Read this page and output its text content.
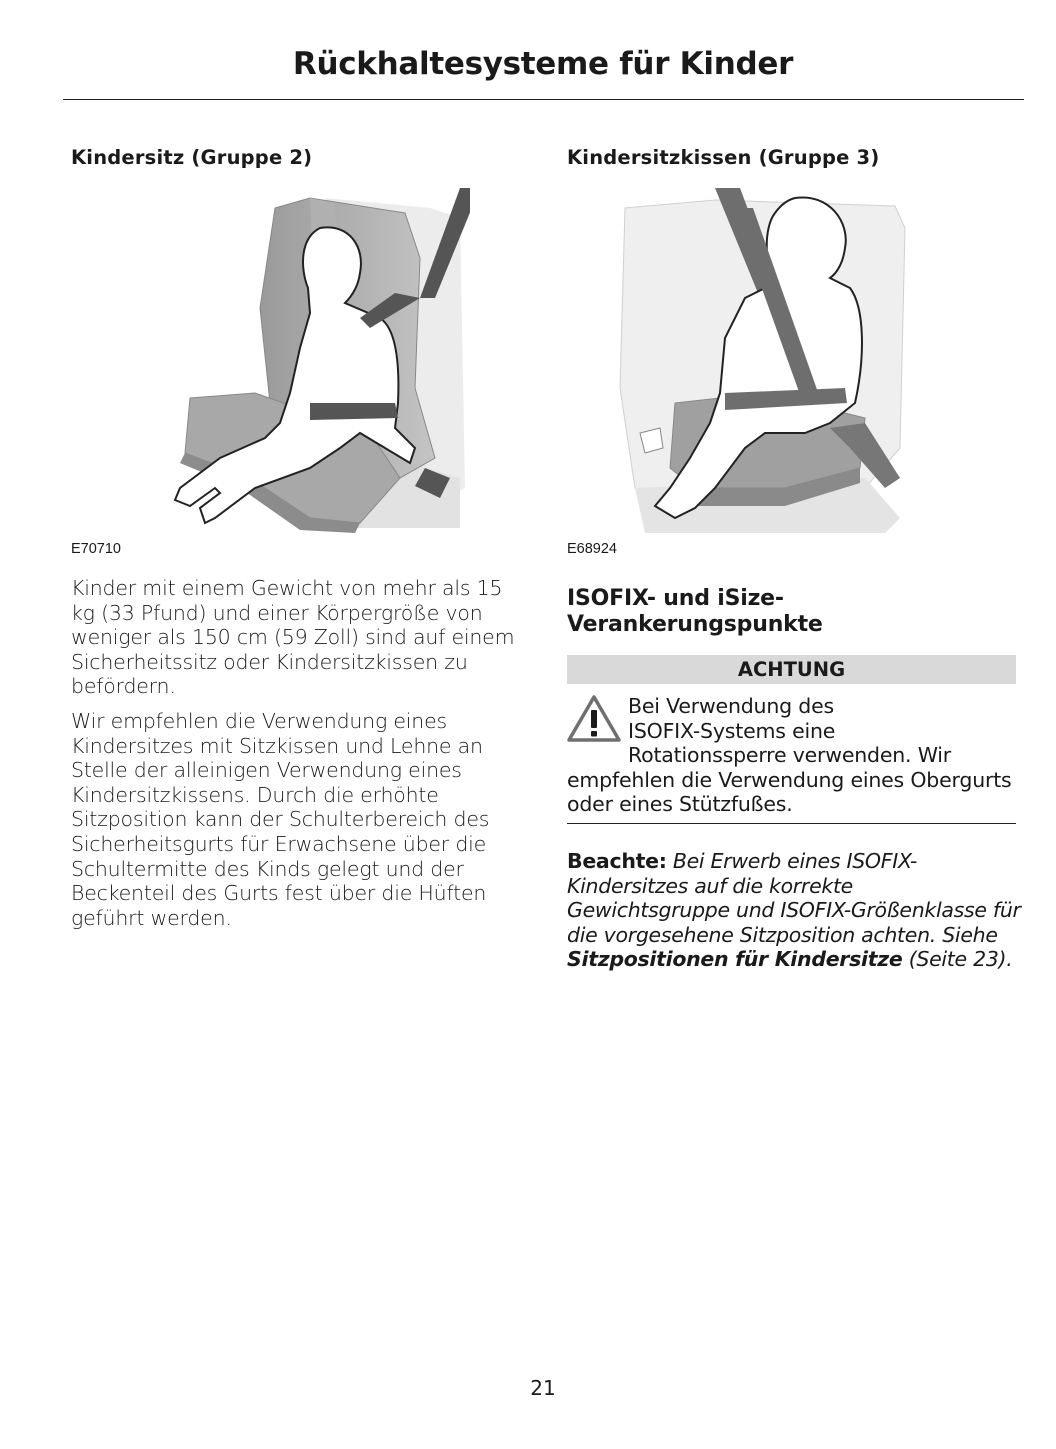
Rückhaltesysteme für Kinder
Kindersitz (Gruppe 2)
E70710

Kinder mit einem Gewicht von mehr als 15 kg (33 Pfund) und einer Körpergröße von weniger als 150 cm (59 Zoll) sind auf einem Sicherheitssitz oder Kindersitzkissen zu befördern.

Wir empfehlen die Verwendung eines Kindersitzes mit Sitzkissen und Lehne an Stelle der alleinigen Verwendung eines Kindersitzkissens. Durch die erhöhte Sitzposition kann der Schulterbereich des Sicherheitsgurts für Erwachsene über die Schultermitte des Kinds gelegt und der Beckenteil des Gurts fest über die Hüften geführt werden.

Kindersitzkissen (Gruppe 3)
E68924
ISOFIX- und iSize-
Verankerungspunkte
ACHTUNG
Bei Verwendung des
ISOFIX-Systems eine
Rotationssperre verwenden. Wir
empfehlen die Verwendung eines Obergurts oder eines Stützfußes.

Beachte: Bei Erwerb eines ISOFIX-Kindersitzes auf die korrekte Gewichtsgruppe und ISOFIX-Größenklasse für die vorgesehene Sitzposition achten. Siehe Sitzpositionen für Kindersitze (Seite 23).

21
